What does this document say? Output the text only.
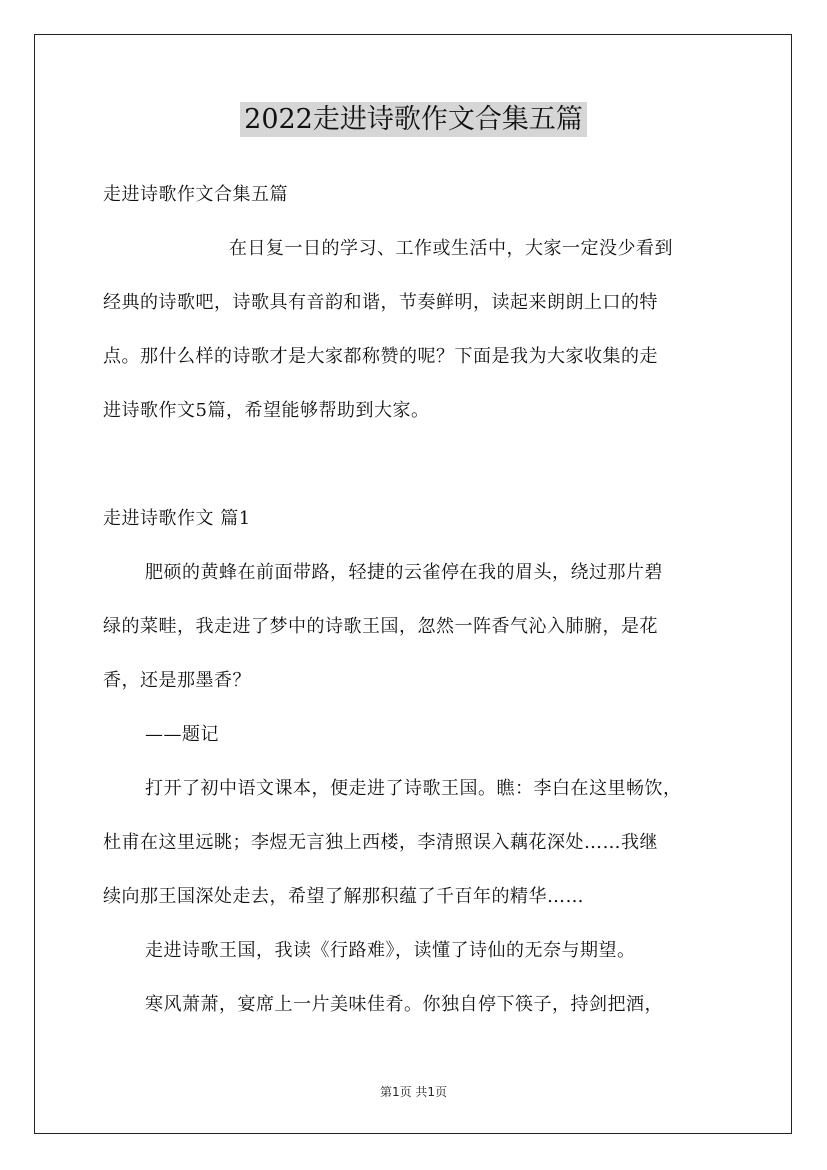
2022走进诗歌作文合集五篇
走进诗歌作文合集五篇
在日复一日的学习、工作或生活中，大家一定没少看到
经典的诗歌吧，诗歌具有音韵和谐，节奏鲜明，读起来朗朗上口的特
点。那什么样的诗歌才是大家都称赞的呢？下面是我为大家收集的走
进诗歌作文5篇，希望能够帮助到大家。
走进诗歌作文 篇1
肥硕的黄蜂在前面带路，轻捷的云雀停在我的眉头，绕过那片碧
绿的菜畦，我走进了梦中的诗歌王国，忽然一阵香气沁入肺腑，是花
香，还是那墨香？
——题记
打开了初中语文课本，便走进了诗歌王国。瞧：李白在这里畅饮，
杜甫在这里远眺；李煜无言独上西楼，李清照误入藕花深处……我继
续向那王国深处走去，希望了解那积蕴了千百年的精华……
走进诗歌王国，我读《行路难》，读懂了诗仙的无奈与期望。
寒风萧萧，宴席上一片美味佳肴。你独自停下筷子，持剑把酒，
第1页 共1页
